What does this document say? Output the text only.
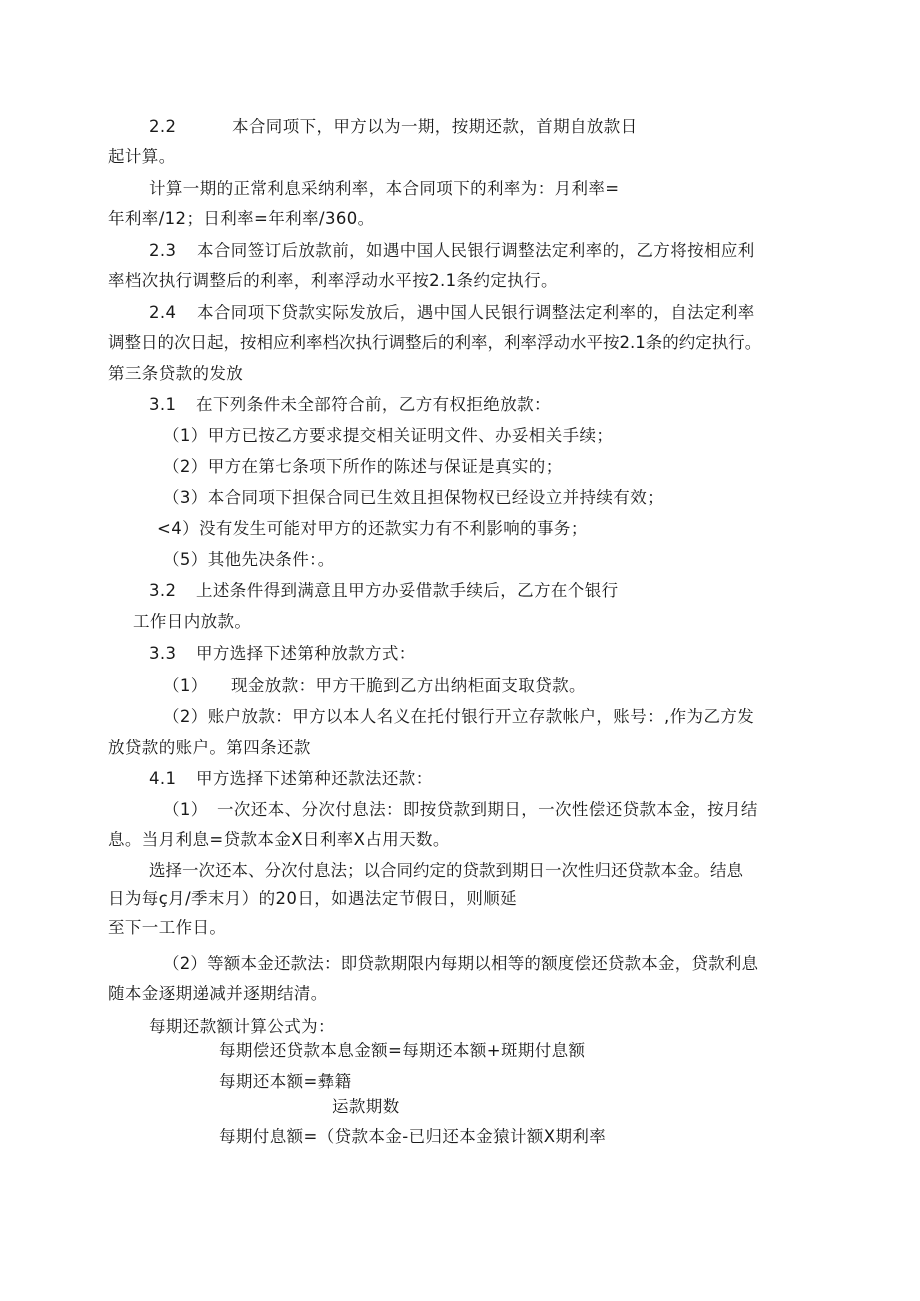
2.2	本合同项下，甲方以为一期，按期还款，首期自放款日
起计算。
计算一期的正常利息采纳利率，本合同项下的利率为：月利率=
年利率/12；日利率=年利率/360。
2.3 本合同签订后放款前，如遇中国人民银行调整法定利率的，乙方将按相应利
率档次执行调整后的利率，利率浮动水平按2.1条约定执行。
2.4 本合同项下贷款实际发放后，遇中国人民银行调整法定利率的，自法定利率
调整日的次日起，按相应利率档次执行调整后的利率，利率浮动水平按2.1条的约定执行。
第三条贷款的发放
3.1 在下列条件未全部符合前，乙方有权拒绝放款：
（1）甲方已按乙方要求提交相关证明文件、办妥相关手续；
（2）甲方在第七条项下所作的陈述与保证是真实的；
（3）本合同项下担保合同已生效且担保物权已经设立并持续有效；
<4）没有发生可能对甲方的还款实力有不利影响的事务；
（5）其他先决条件：。
3.2 上述条件得到满意且甲方办妥借款手续后，乙方在个银行
工作日内放款。
3.3 甲方选择下述第种放款方式：
（1） 现金放款：甲方干脆到乙方出纳柜面支取贷款。
（2）账户放款：甲方以本人名义在托付银行开立存款帐户，账号：,作为乙方发
放贷款的账户。第四条还款
4.1 甲方选择下述第种还款法还款：
（1） 一次还本、分次付息法：即按贷款到期日，一次性偿还贷款本金，按月结
息。当月利息=贷款本金X日利率X占用天数。
选择一次还本、分次付息法；以合同约定的贷款到期日一次性归还贷款本金。结息
日为每ç月/季末月）的20日，如遇法定节假日，则顺延
至下一工作日。
（2）等额本金还款法：即贷款期限内每期以相等的额度偿还贷款本金，贷款利息
随本金逐期递减并逐期结清。
每期还款额计算公式为：
每期偿还贷款本息金额=每期还本额+斑期付息额
每期还本额=彝籍
运款期数
每期付息额=（贷款本金-已归还本金猿计额X期利率
